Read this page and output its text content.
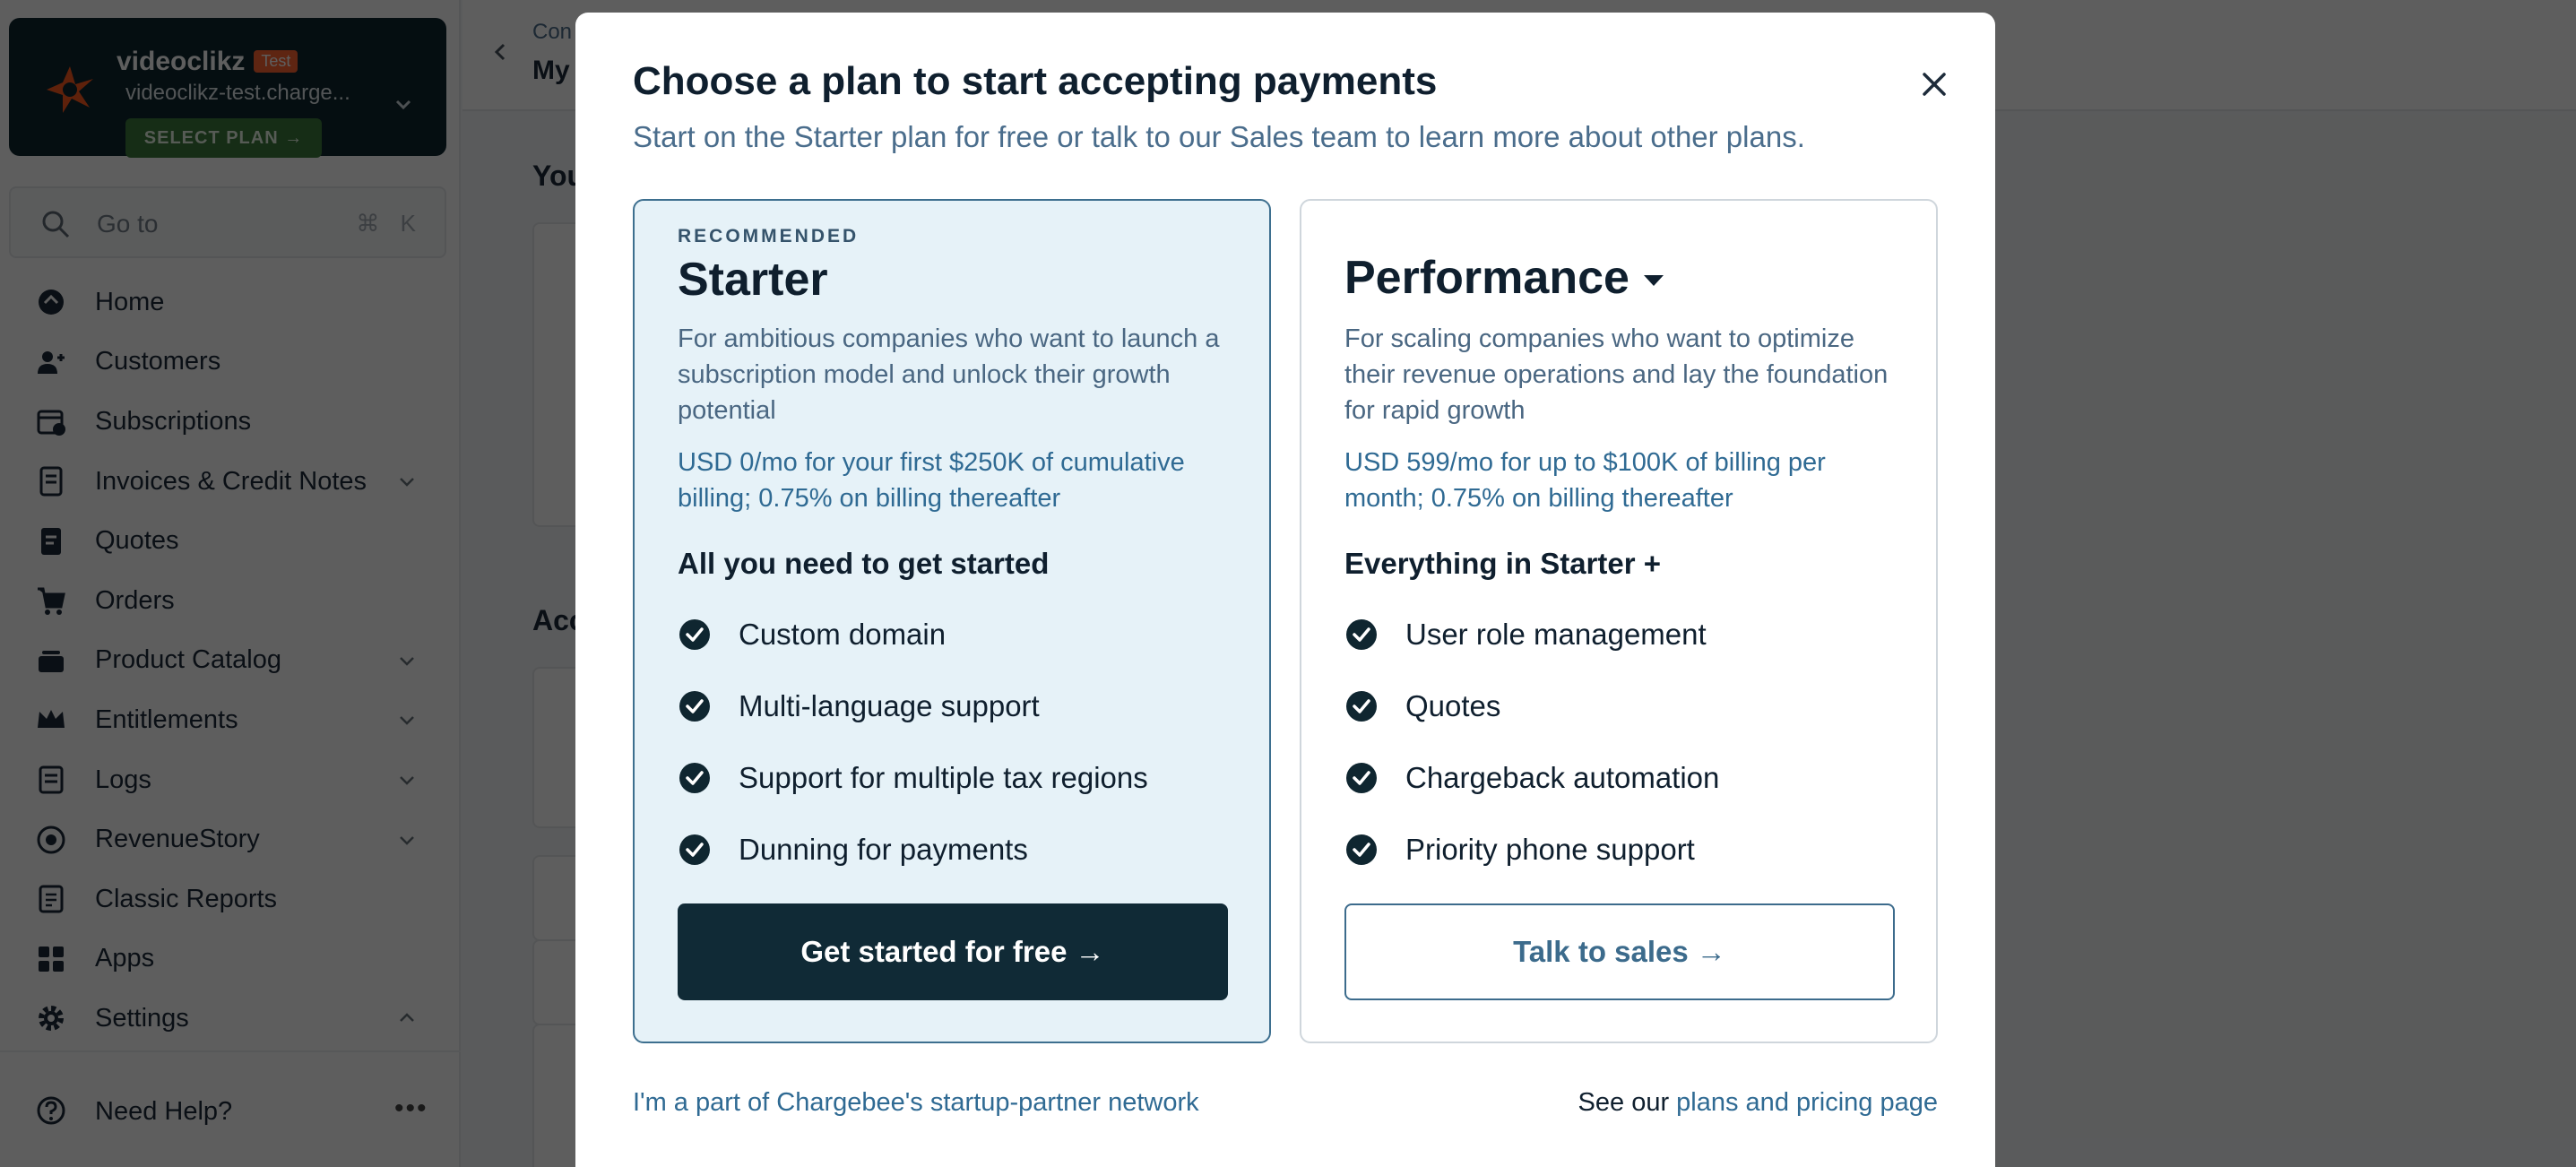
Choose a plan to start accepting payments
Start on the Starter plan for free or talk to our Sales team to learn more about other plans.
RECOMMENDED
Starter
For ambitious companies who want to launch a subscription model and unlock their growth potential
USD 0/mo for your first $250K of cumulative billing; 0.75% on billing thereafter
All you need to get started
Custom domain
Multi-language support
Support for multiple tax regions
Dunning for payments
Get started for free →
Performance
For scaling companies who want to optimize their revenue operations and lay the foundation for rapid growth
USD 599/mo for up to $100K of billing per month; 0.75% on billing thereafter
Everything in Starter +
User role management
Quotes
Chargeback automation
Priority phone support
Talk to sales →
I'm a part of Chargebee's startup-partner network	See our plans and pricing page
